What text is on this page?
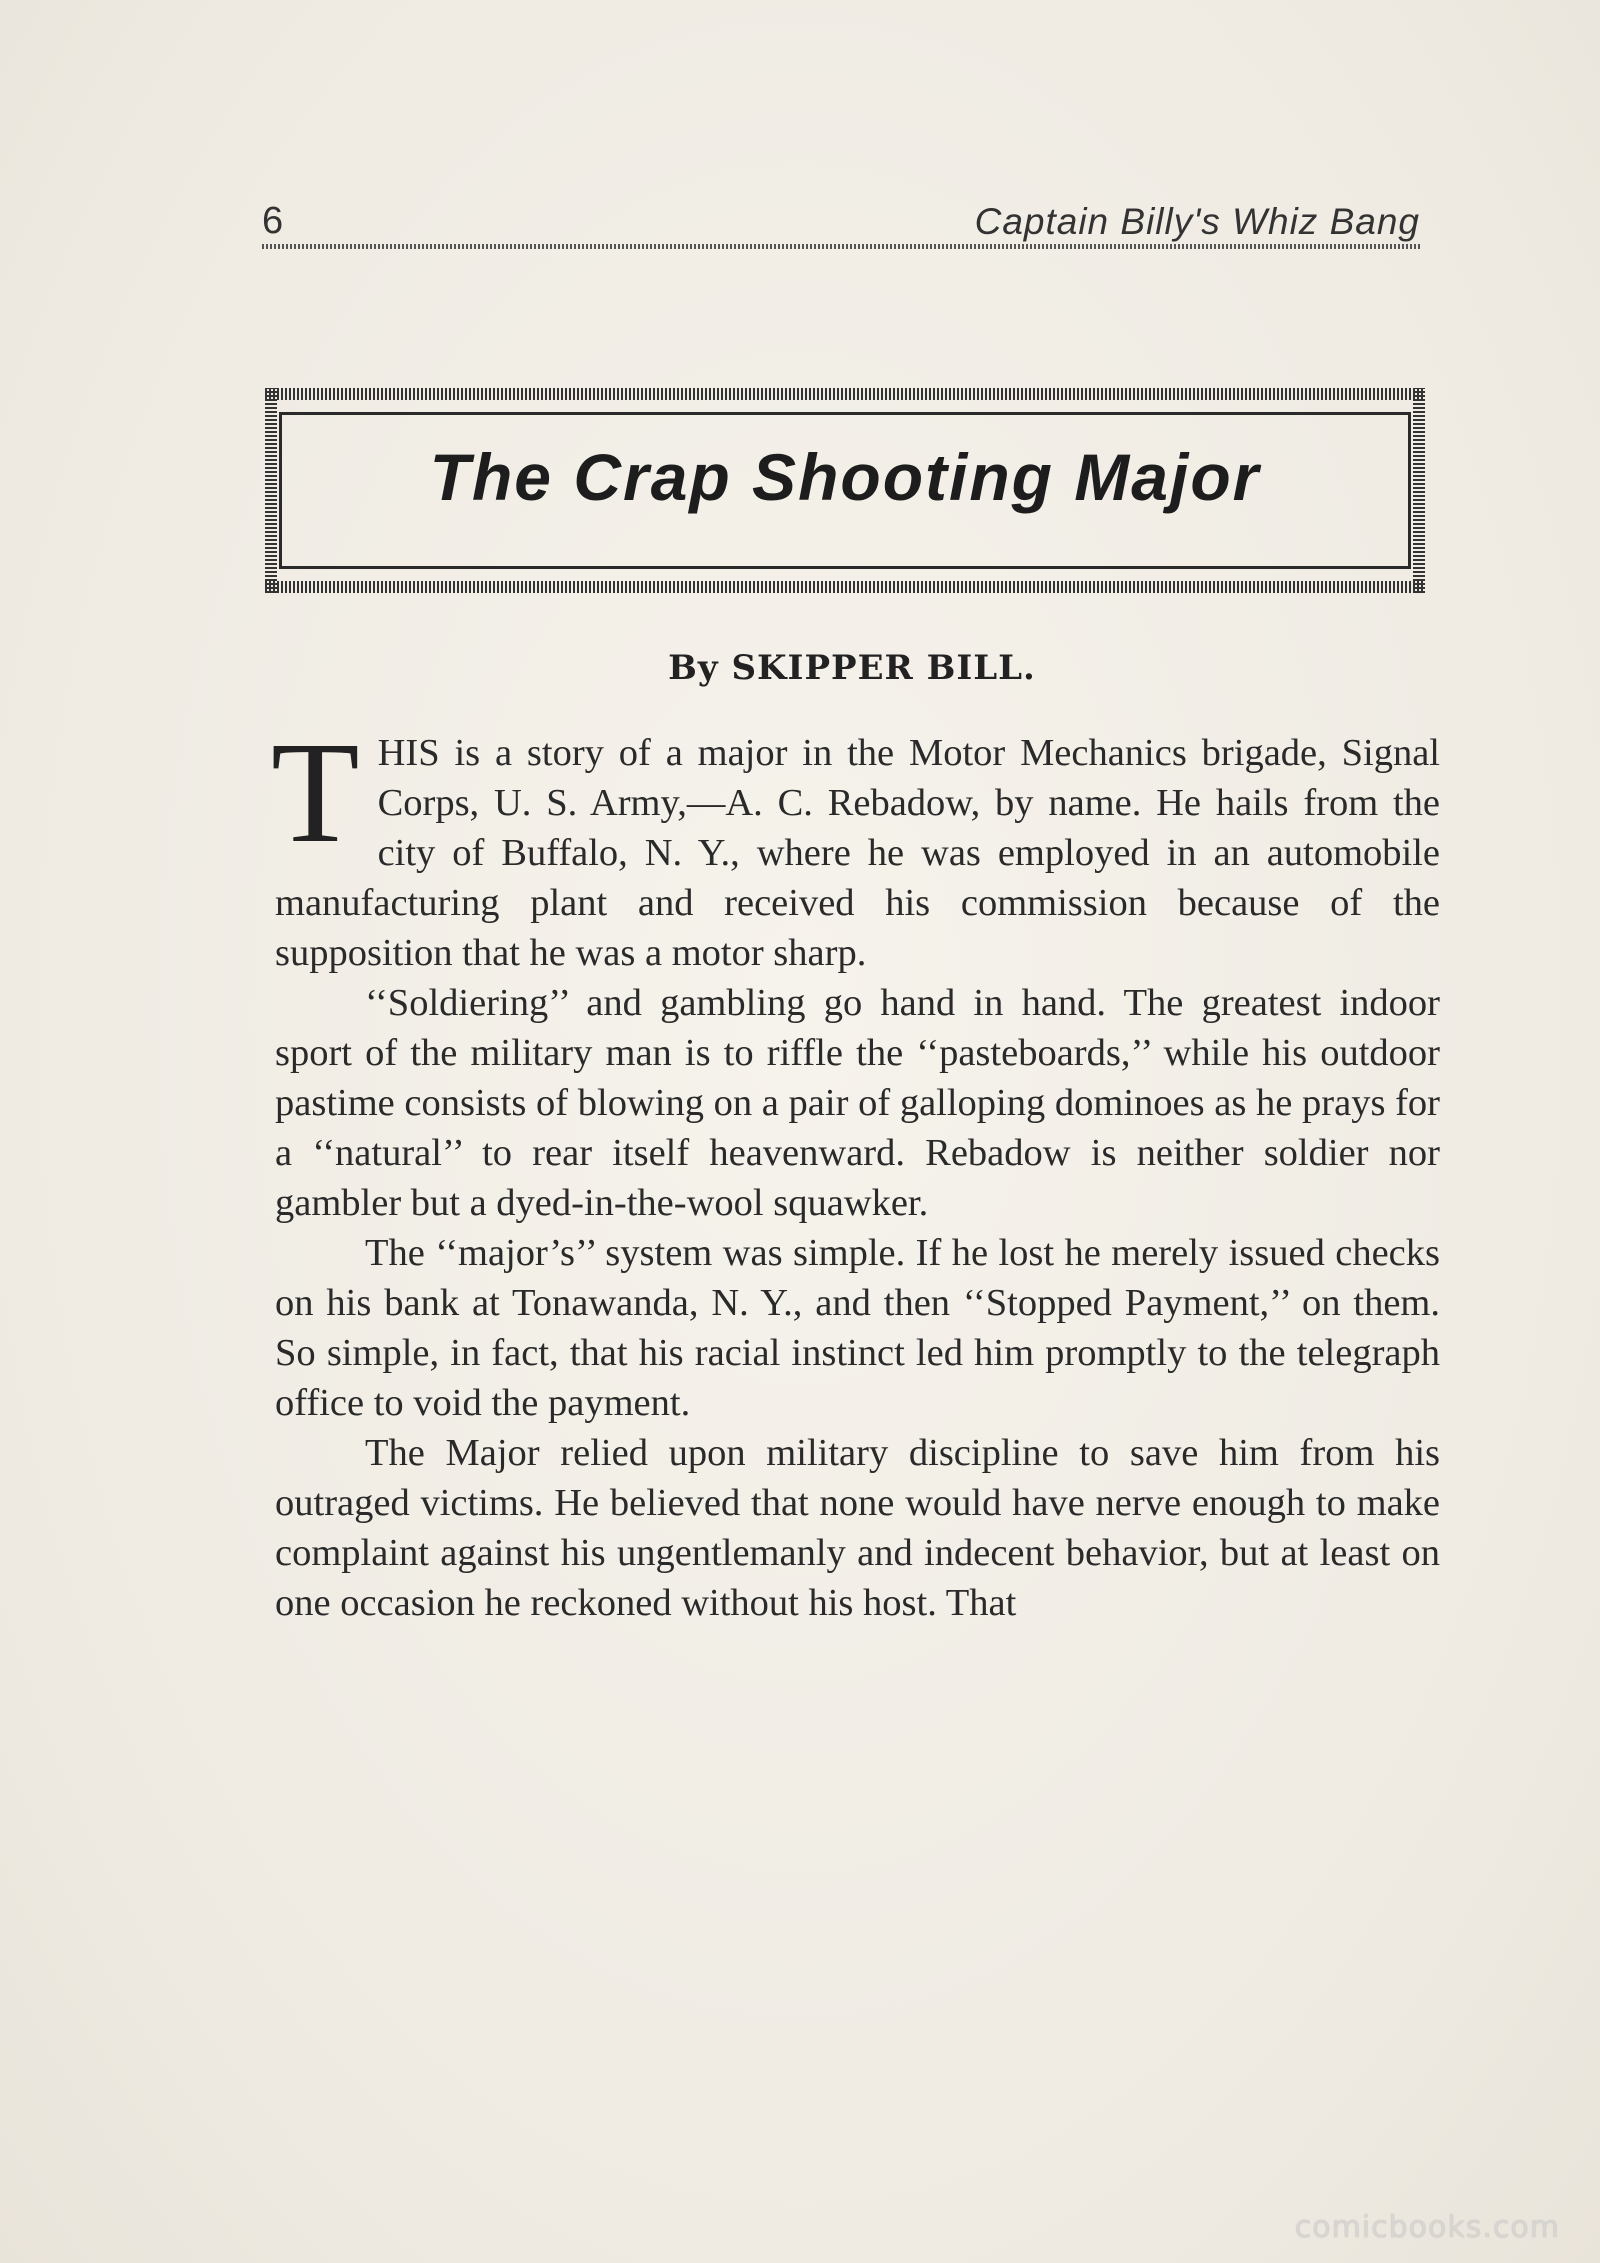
6	Captain Billy's Whiz Bang
The Crap Shooting Major
By SKIPPER BILL.

THIS is a story of a major in the Motor Mechanics brigade, Signal Corps, U. S. Army,—A. C. Rebadow, by name. He hails from the city of Buffalo, N. Y., where he was employed in an automobile manufacturing plant and received his commission because of the supposition that he was a motor sharp.

‘‘Soldiering’’ and gambling go hand in hand. The greatest indoor sport of the military man is to riffle the ‘‘pasteboards,’’ while his outdoor pastime consists of blowing on a pair of galloping dominoes as he prays for a ‘‘natural’’ to rear itself heavenward. Rebadow is neither soldier nor gambler but a dyed-in-the-wool squawker.

The ‘‘major’s’’ system was simple. If he lost he merely issued checks on his bank at Tonawanda, N. Y., and then ‘‘Stopped Payment,’’ on them. So simple, in fact, that his racial instinct led him promptly to the telegraph office to void the payment.

The Major relied upon military discipline to save him from his outraged victims. He believed that none would have nerve enough to make complaint against his ungentlemanly and indecent behavior, but at least on one occasion he reckoned without his host. That

comicbooks.com
